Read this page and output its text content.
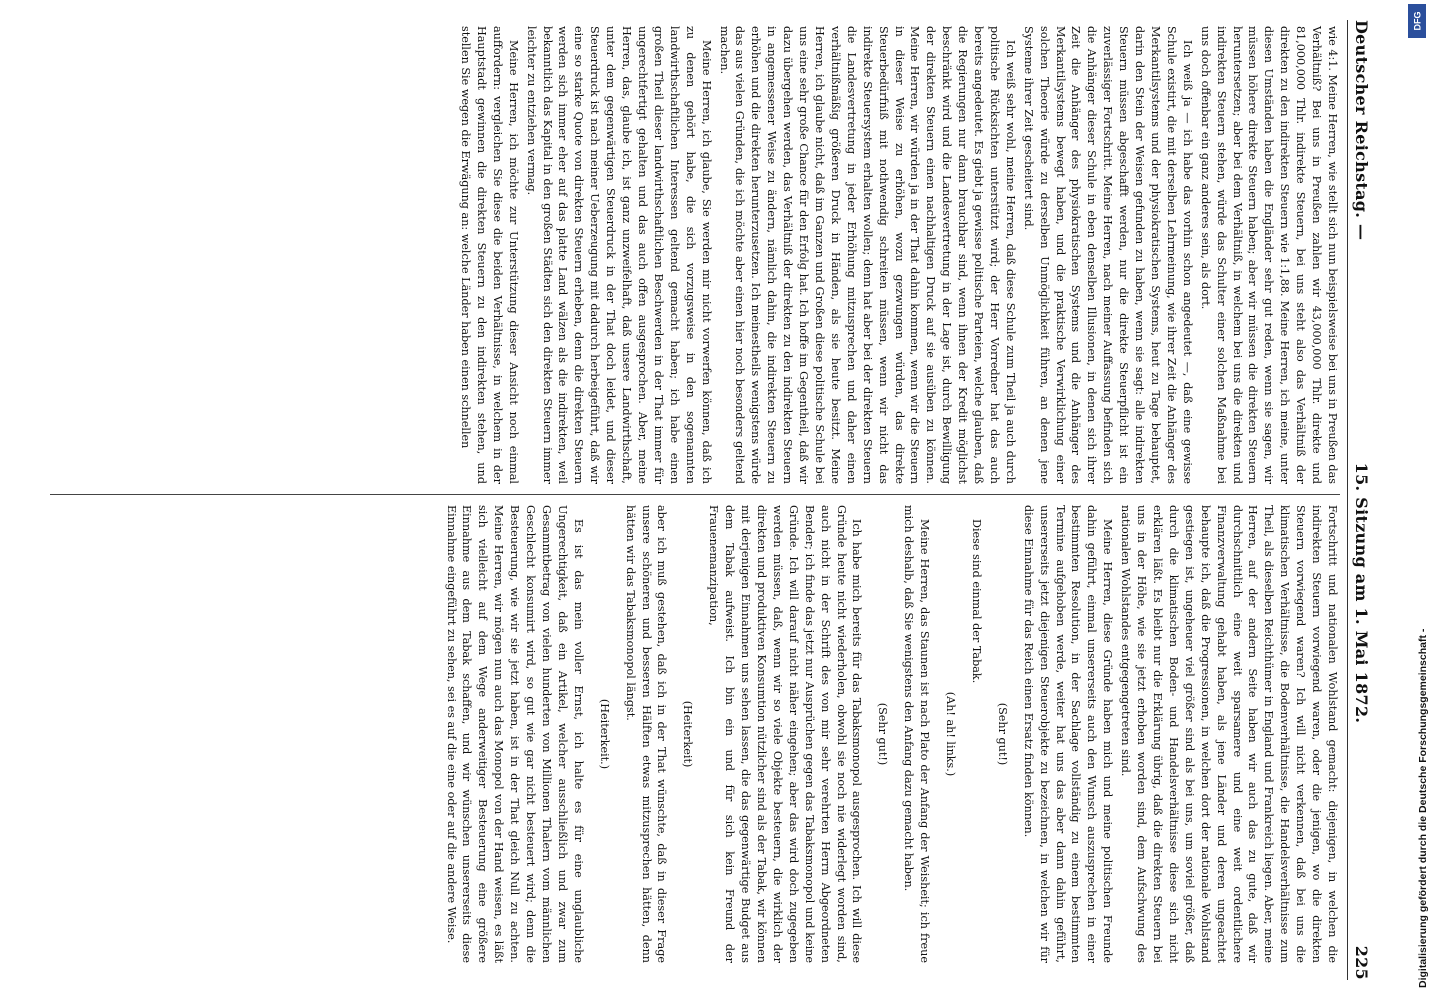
Deutscher Reichstag. —
15. Sitzung am 1. Mai 1872.
225

wie 4:1. Meine Herren, wie stellt sich nun beispielsweise bei uns in Preußen das Verhältniß? Bei uns in Preußen zahlen wir 43,000,000 Thlr. direkte und 81,000,000 Thlr. indirekte Steuern, bei uns steht also das Verhältniß der direkten zu den indirekten Steuern wie 1:1,88. Meine Herren, ich meine, unter diesen Umständen haben die Engländer sehr gut reden, wenn sie sagen, wir müssen höhere direkte Steuern haben; aber wir müssen die direkten Steuern heruntersetzen; aber bei dem Verhältniß, in welchem bei uns die direkten und indirekten Steuern stehen, würde das Schulter einer solchen Maßnahme bei uns doch offenbar ein ganz anderes sein, als dort.

Ich weiß ja — ich habe das vorhin schon angedeutet —, daß eine gewisse Schule existirt, die mit derselben Lehrmeinung, wie ihrer Zeit die Anhänger des Merkantilsystems und der physiokratischen Systems, heut zu Tage behauptet, darin den Stein der Weisen gefunden zu haben, wenn sie sagt: alle indirekten Steuern müssen abgeschafft werden, nur die direkte Steuerpflicht ist ein zuverlässiger Fortschritt. Meine Herren, nach meiner Auffassung befinden sich die Anhänger dieser Schule in eben denselben Illusionen, in denen sich ihrer Zeit die Anhänger des physiokratischen Systems und die Anhänger des Merkantilsystems bewegt haben, und die praktische Verwirklichung einer solchen Theorie würde zu derselben Unmöglichkeit führen, an denen jene Systeme ihrer Zeit gescheitert sind.

Ich weiß sehr wohl, meine Herren, daß diese Schule zum Theil ja auch durch politische Rücksichten unterstützt wird; der Herr Vorredner hat das auch bereits angedeutet. Es giebt ja gewisse politische Parteien, welche glauben, daß die Regierungen nur dann brauchbar sind, wenn ihnen der Kredit möglichst beschränkt wird und die Landesvertretung in der Lage ist, durch Bewilligung der direkten Steuern einen nachhaltigen Druck auf sie ausüben zu können. Meine Herren, wir würden ja in der That dahin kommen, wenn wir die Steuern in dieser Weise zu erhöhen, wozu gezwungen würden, das direkte Steuerbedürfniß mit nothwendig schreiten müssen, wenn wir nicht das indirekte Steuersystem erhalten wollen; denn hat aber bei der direkten Steuern die Landesvertretung in jeder Erhöhung mitzusprechen und daher einen verhältnißmäßig größeren Druck in Händen, als sie heute besitzt. Meine Herren, ich glaube nicht, daß im Ganzen und Großen diese politische Schule bei uns eine sehr große Chance für den Erfolg hat. Ich hoffe im Gegentheil, daß wir dazu übergehen werden, das Verhältniß der direkten zu den indirekten Steuern in angemessener Weise zu ändern, nämlich dahin, die indirekten Steuern zu erhöhen und die direkten herunterzusetzen. Ich meinestheils wenigstens würde das aus vielen Gründen, die ich möchte aber einen hier noch besonders geltend machen.

Meine Herren, ich glaube, Sie werden mir nicht vorwerfen können, daß ich zu denen gehört habe, die sich vorzugsweise in den sogenannten landwirthschaftlichen Interessen geltend gemacht haben; ich habe einen großen Theil dieser landwirthschaftlichen Beschwerden in der That immer für ungerechtfertigt gehalten und das auch offen ausgesprochen. Aber, meine Herren, das, glaube ich, ist ganz unzweifelhaft, daß unsere Landwirthschaft, unter dem gegenwärtigen Steuerdruck in der That doch leidet, und dieser Steuerdruck ist nach meiner Ueberzeugung mit dadurch herbeigeführt, daß wir eine so starke Quote von direkten Steuern erheben, denn die direkten Steuern werden sich immer eher auf das platte Land wälzen als die indirekten, weil bekanntlich das Kapital in den großen Städten sich den direkten Steuern immer leichter zu entziehen vermag.

Meine Herren, ich möchte zur Unterstützung dieser Ansicht noch einmal auffordern: vergleichen Sie diese die beiden Verhältnisse, in welchem in der Hauptstadt gewinnen die direkten Steuern zu den indirekten stehen, und stellen Sie wegen die Erwägung an: welche Länder haben einen schnellen

Fortschritt und nationalen Wohlstand gemacht: diejenigen, in welchen die indirekten Steuern vorwiegend waren, oder die jenigen, wo die direkten Steuern vorwiegend waren? Ich will nicht verkennen, daß bei uns die klimatischen Verhältnisse, die Bodenverhältnisse, die Handelsverhältnisse zum Theil, als dieselben Reichthümer in England und Frankreich liegen. Aber, meine Herren, auf der andern Seite haben wir auch das zu gute, daß wir durchschnittlich eine weit sparsamere und eine weit ordentlichere Finanzverwaltung gehabt haben, als jene Länder und deren ungeachtet behaupte ich, daß die Progressionen, in welchen dort der nationale Wohlstand gestiegen ist, ungeheuer viel größer sind als bei uns, um soviel größer, daß durch die klimatischen Boden- und Handelsverhältnisse diese sich nicht erklären läßt. Es bleibt nur die Erklärung übrig, daß die direkten Steuern bei uns in der Höhe, wie sie jetzt erhoben worden sind, dem Aufschwung des nationalen Wohlstandes entgegengetreten sind.

Meine Herren, diese Gründe haben mich und meine politischen Freunde dahin geführt, einmal unsererseits auch den Wunsch auszusprechen in einer bestimmten Resolution, in der Sachlage vollständig zu einem bestimmten Termine aufgehoben werde, weiter hat uns das aber dann dahin geführt, unsererseits jetzt diejenigen Steuerobjekte zu bezeichnen, in welchen wir für diese Einnahme für das Reich einen Ersatz finden können.

(Sehr gut!)

Diese sind einmal der Tabak.

(Ah! ah! links.)

Meine Herren, das Staunen ist nach Plato der Anfang der Weisheit; ich freue mich deshalb, daß Sie wenigstens den Anfang dazu gemacht haben.

(Sehr gut!)

Ich habe mich bereits für das Tabaksmonopol ausgesprochen. Ich will diese Gründe heute nicht wiederholen, obwohl sie noch nie widerlegt worden sind, auch nicht in der Schrift des von mir sehr verehrten Herrn Abgeordneten Bender; ich finde das jetzt nur Ausprüchen gegen das Tabaksmonopol und keine Gründe. Ich will darauf nicht näher eingehen; aber das wird doch zugegeben werden müssen, daß, wenn wir so viele Objekte besteuern, die wirklich der direkten und produktiven Konsumtion nützlicher sind als der Tabak, wir können mit derjenigen Einnahmen uns sehen lassen, die das gegenwärtige Budget aus dem Tabak aufweist. Ich bin ein und für sich kein Freund der Frauenemanzipation,

(Heiterkeit)

aber ich muß gestehen, daß ich in der That wünschte, daß in dieser Frage unsere schöneren und besseren Hälften etwas mitzusprechen hätten, denn hätten wir das Tabaksmonopol längst.

(Heiterkeit.)

Es ist das mein voller Ernst, ich halte es für eine unglaubliche Ungerechtigkeit, daß ein Artikel, welcher ausschließlich und zwar zum Gesammtbetrag von vielen hunderten von Millionen Thalern vom männlichen Geschlecht konsumirt wird, so gut wie gar nicht besteuert wird; denn die Besteuerung, wie wir sie jetzt haben, ist in der That gleich Null zu achten. Meine Herren, wir mögen nun auch das Monopol von der Hand weisen, es läßt sich vielleicht auf dem Wege anderweitiger Besteuerung eine größere Einnahme aus dem Tabak schaffen, und wir wünschen unsererseits diese Einnahme eingeführt zu sehen, sei es auf die eine oder auf die andere Weise.

DFG
Digitalisierung gefördert durch die Deutsche Forschungsgemeinschaft -
